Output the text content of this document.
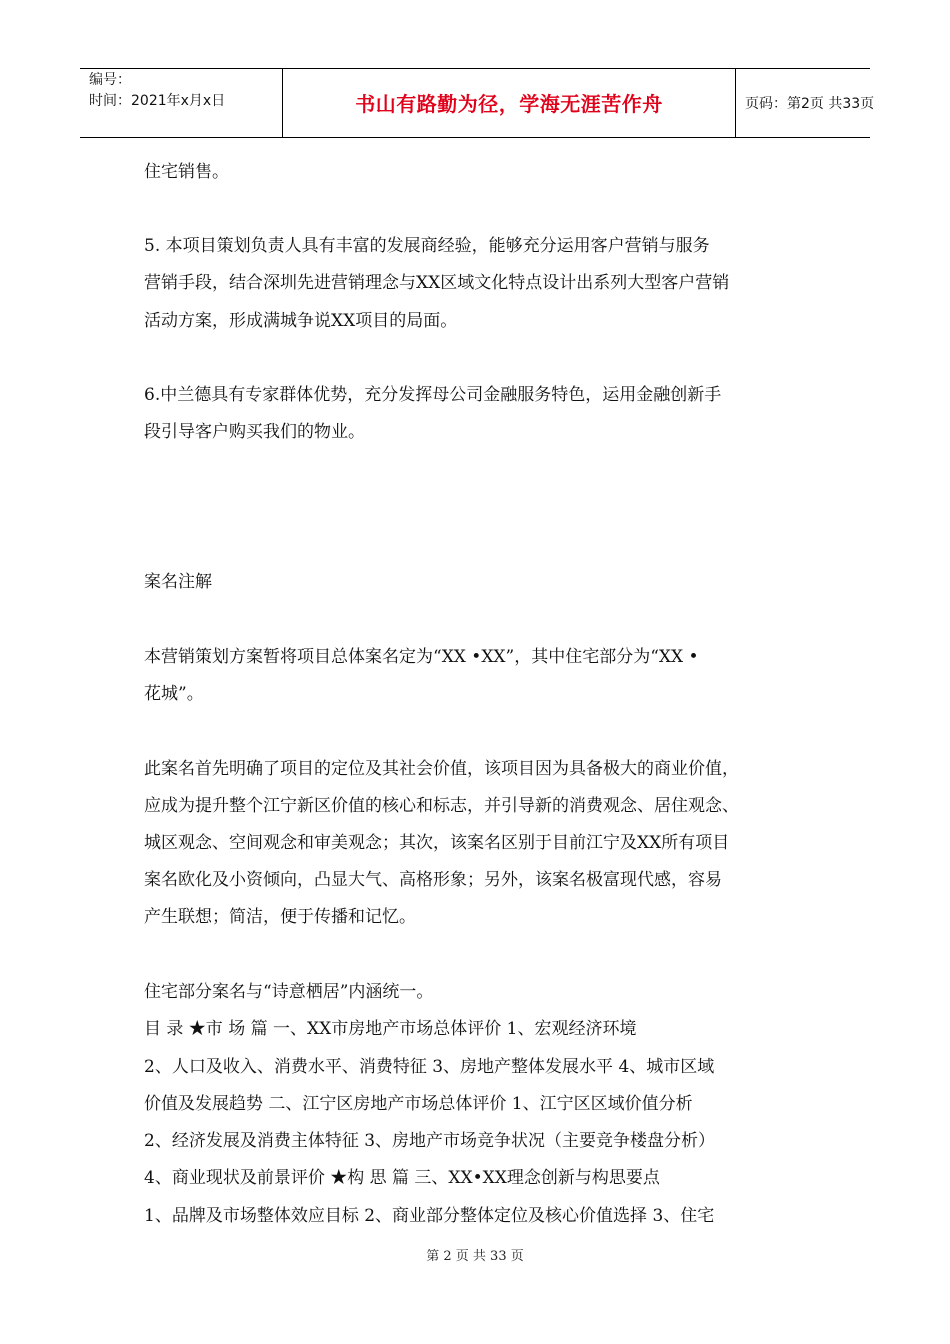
编号：
时间：2021年x月x日	书山有路勤为径，学海无涯苦作舟	页码：第2页 共33页
住宅销售。
5. 本项目策划负责人具有丰富的发展商经验，能够充分运用客户营销与服务
营销手段，结合深圳先进营销理念与XX区域文化特点设计出系列大型客户营销
活动方案，形成满城争说XX项目的局面。
6.中兰德具有专家群体优势，充分发挥母公司金融服务特色，运用金融创新手
段引导客户购买我们的物业。
案名注解
本营销策划方案暂将项目总体案名定为“XX •XX”，其中住宅部分为“XX •
花城”。
此案名首先明确了项目的定位及其社会价值，该项目因为具备极大的商业价值，
应成为提升整个江宁新区价值的核心和标志，并引导新的消费观念、居住观念、
城区观念、空间观念和审美观念；其次，该案名区别于目前江宁及XX所有项目
案名欧化及小资倾向，凸显大气、高格形象；另外，该案名极富现代感，容易
产生联想；简洁，便于传播和记忆。
住宅部分案名与“诗意栖居”内涵统一。
目 录 ★市 场 篇 一、XX市房地产市场总体评价 1、宏观经济环境
2、人口及收入、消费水平、消费特征 3、房地产整体发展水平 4、城市区域
价值及发展趋势 二、江宁区房地产市场总体评价 1、江宁区区域价值分析
2、经济发展及消费主体特征 3、房地产市场竞争状况（主要竞争楼盘分析）
4、商业现状及前景评价 ★构 思 篇 三、XX•XX理念创新与构思要点
1、品牌及市场整体效应目标 2、商业部分整体定位及核心价值选择 3、住宅
第 2 页 共 33 页
